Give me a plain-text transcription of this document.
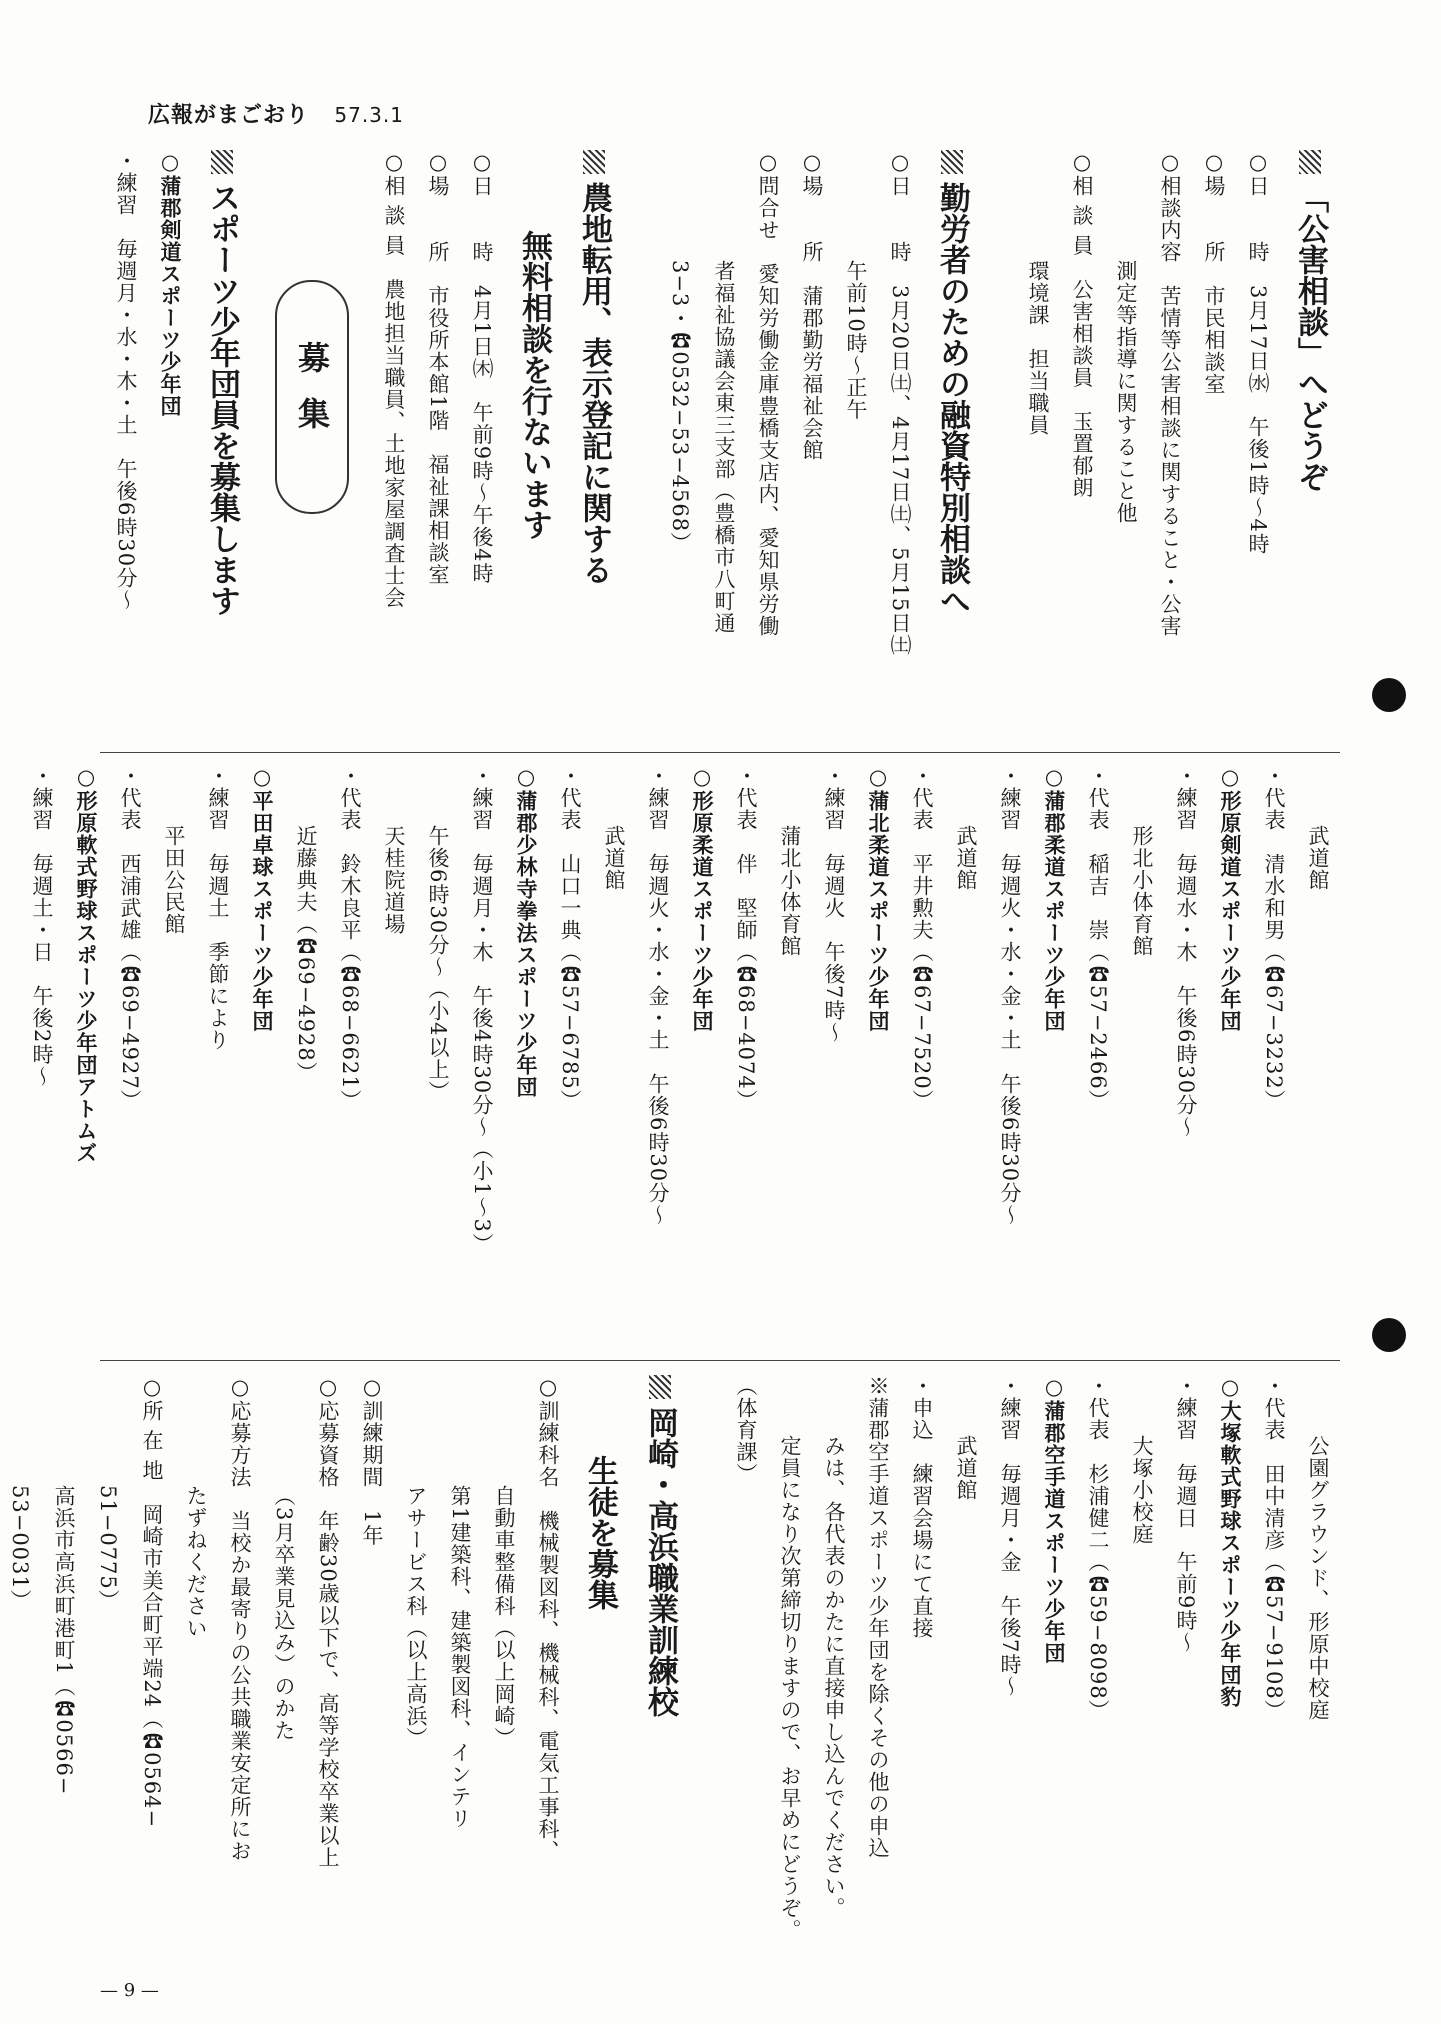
広報がまごおり 57.3.1
「公害相談」へどうぞ
○日　　時　3月17日㈬　午後1時〜4時
○場　　所　市民相談室
○相談内容　苦情等公害相談に関すること・公害
測定等指導に関すること他
○相 談 員　公害相談員　玉置郁朗
環境課　担当職員
勤労者のための融資特別相談へ
○日　　時　3月20日㈯、4月17日㈯、5月15日㈯
午前10時〜正午
○場　　所　蒲郡勤労福祉会館
○問合せ　愛知労働金庫豊橋支店内、愛知県労働
者福祉協議会東三支部（豊橋市八町通
3−3・☎0532−53−4568）
農地転用、表示登記に関する
無料相談を行ないます
○日　　時　4月1日㈭　午前9時〜午後4時
○場　　所　市役所本館1階　福祉課相談室
○相 談 員　農地担当職員、土地家屋調査士会
募集
スポーツ少年団員を募集します
○蒲郡剣道スポーツ少年団
・練習　毎週月・水・木・土　午後6時30分〜
武道館
・代表　清水和男（☎67−3232）
○形原剣道スポーツ少年団
・練習　毎週水・木　午後6時30分〜
形北小体育館
・代表　稲吉　崇（☎57−2466）
○蒲郡柔道スポーツ少年団
・練習　毎週火・水・金・土　午後6時30分〜
武道館
・代表　平井勲夫（☎67−7520）
○蒲北柔道スポーツ少年団
・練習　毎週火　午後7時〜
蒲北小体育館
・代表　伴　堅師（☎68−4074）
○形原柔道スポーツ少年団
・練習　毎週火・水・金・土　午後6時30分〜
武道館
・代表　山口一典（☎57−6785）
○蒲郡少林寺拳法スポーツ少年団
・練習　毎週月・木　午後4時30分〜（小1〜3）
午後6時30分〜（小4以上）
天桂院道場
・代表　鈴木良平（☎68−6621）
近藤典夫（☎69−4928）
○平田卓球スポーツ少年団
・練習　毎週土　季節により
平田公民館
・代表　西浦武雄（☎69−4927）
○形原軟式野球スポーツ少年団アトムズ
・練習　毎週土・日　午後2時〜
公園グラウンド、形原中校庭
・代表　田中清彦（☎57−9108）
○大塚軟式野球スポーツ少年団豹
・練習　毎週日　午前9時〜
大塚小校庭
・代表　杉浦健二（☎59−8098）
○蒲郡空手道スポーツ少年団
・練習　毎週月・金　午後7時〜
武道館
・申込　練習会場にて直接
※蒲郡空手道スポーツ少年団を除くその他の申込
みは、各代表のかたに直接申し込んでください。
定員になり次第締切りますので、お早めにどうぞ。
（体育課）
岡崎・高浜職業訓練校
生徒を募集
○訓練科名　機械製図科、機械科、電気工事科、
自動車整備科（以上岡崎）
第1建築科、建築製図科、インテリ
アサービス科（以上高浜）
○訓練期間　1年
○応募資格　年齢30歳以下で、高等学校卒業以上
（3月卒業見込み）のかた
○応募方法　当校か最寄りの公共職業安定所にお
たずねください
○所 在 地　岡崎市美合町平端24（☎0564−
51−0775）
高浜市高浜町港町1（☎0566−
53−0031）
— 9 —
